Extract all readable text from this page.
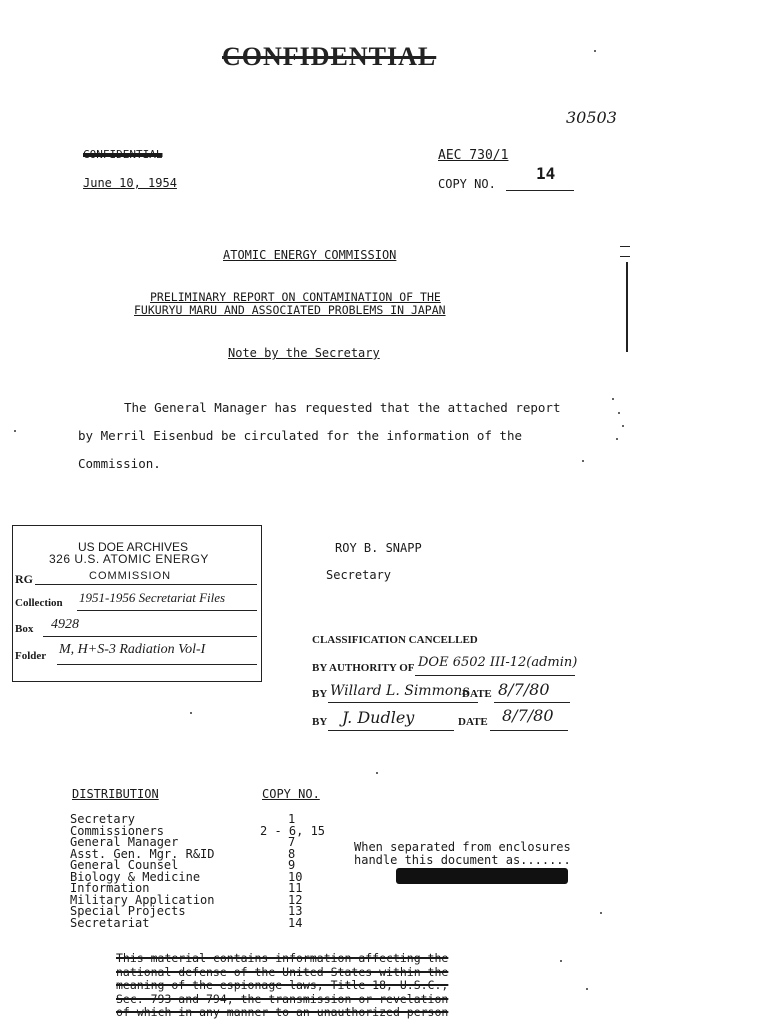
CONFIDENTIAL
30503
CONFIDENTIAL
June 10, 1954
AEC 730/1
COPY NO.
14
ATOMIC ENERGY COMMISSION
PRELIMINARY REPORT ON CONTAMINATION OF THE
FUKURYU MARU AND ASSOCIATED PROBLEMS IN JAPAN
Note by the Secretary
The General Manager has requested that the attached report
by Merril Eisenbud be circulated for the information of the
Commission.
US DOE ARCHIVES
326 U.S. ATOMIC ENERGY
RG	COMMISSION
Collection 1951-1956 Secretariat Files
Box 4928
Folder M, H+S-3 Radiation Vol-I
ROY B. SNAPP
Secretary
CLASSIFICATION CANCELLED
BY AUTHORITY OF DOE 6502 III-12(admin)
BY Willard L. Simmons
DATE 8/7/80
BY J. Dudley	DATE 8/7/80
DISTRIBUTION	COPY NO.
Secretary	1
Commissioners	2 - 6, 15
General Manager	7
Asst. Gen. Mgr. R&ID	8
General Counsel	9
Biology & Medicine	10
Information	11
Military Application	12
Special Projects	13
Secretariat	14
When separated from enclosures
handle this document as.......
This material contains information affecting the
national defense of the United States within the
meaning of the espionage laws, Title 18, U.S.C.,
Sec. 793 and 794, the transmission or revelation
of which in any manner to an unauthorized person
